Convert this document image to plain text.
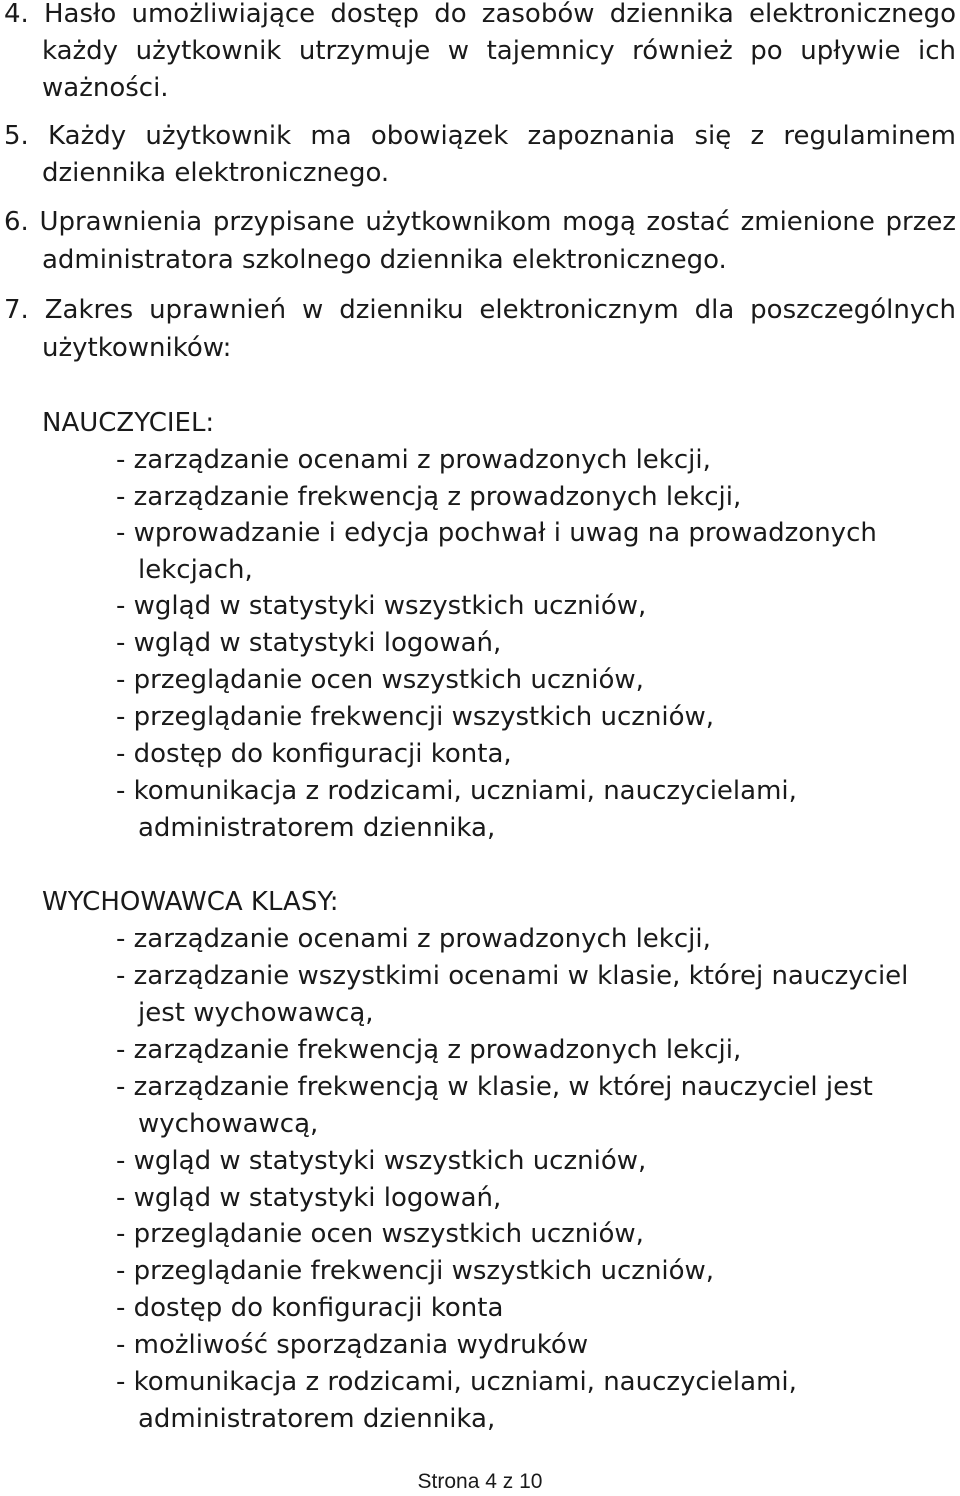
4. Hasło umożliwiające dostęp do zasobów dziennika elektronicznego
każdy użytkownik utrzymuje w tajemnicy również po upływie ich
ważności.
5. Każdy użytkownik ma obowiązek zapoznania się z regulaminem
dziennika elektronicznego.
6. Uprawnienia przypisane użytkownikom mogą zostać zmienione przez
administratora szkolnego dziennika elektronicznego.
7. Zakres uprawnień w dzienniku elektronicznym dla poszczególnych
użytkowników:
NAUCZYCIEL:
- zarządzanie ocenami z prowadzonych lekcji,
- zarządzanie frekwencją z prowadzonych lekcji,
- wprowadzanie i edycja pochwał i uwag na prowadzonych
lekcjach,
- wgląd w statystyki wszystkich uczniów,
- wgląd w statystyki logowań,
- przeglądanie ocen wszystkich uczniów,
- przeglądanie frekwencji wszystkich uczniów,
- dostęp do konfiguracji konta,
- komunikacja z rodzicami, uczniami, nauczycielami,
administratorem dziennika,
WYCHOWAWCA KLASY:
- zarządzanie ocenami z prowadzonych lekcji,
- zarządzanie wszystkimi ocenami w klasie, której nauczyciel
jest wychowawcą,
- zarządzanie frekwencją z prowadzonych lekcji,
- zarządzanie frekwencją w klasie, w której nauczyciel jest
wychowawcą,
- wgląd w statystyki wszystkich uczniów,
- wgląd w statystyki logowań,
- przeglądanie ocen wszystkich uczniów,
- przeglądanie frekwencji wszystkich uczniów,
- dostęp do konfiguracji konta
- możliwość sporządzania wydruków
- komunikacja z rodzicami, uczniami, nauczycielami,
administratorem dziennika,
Strona 4 z 10
